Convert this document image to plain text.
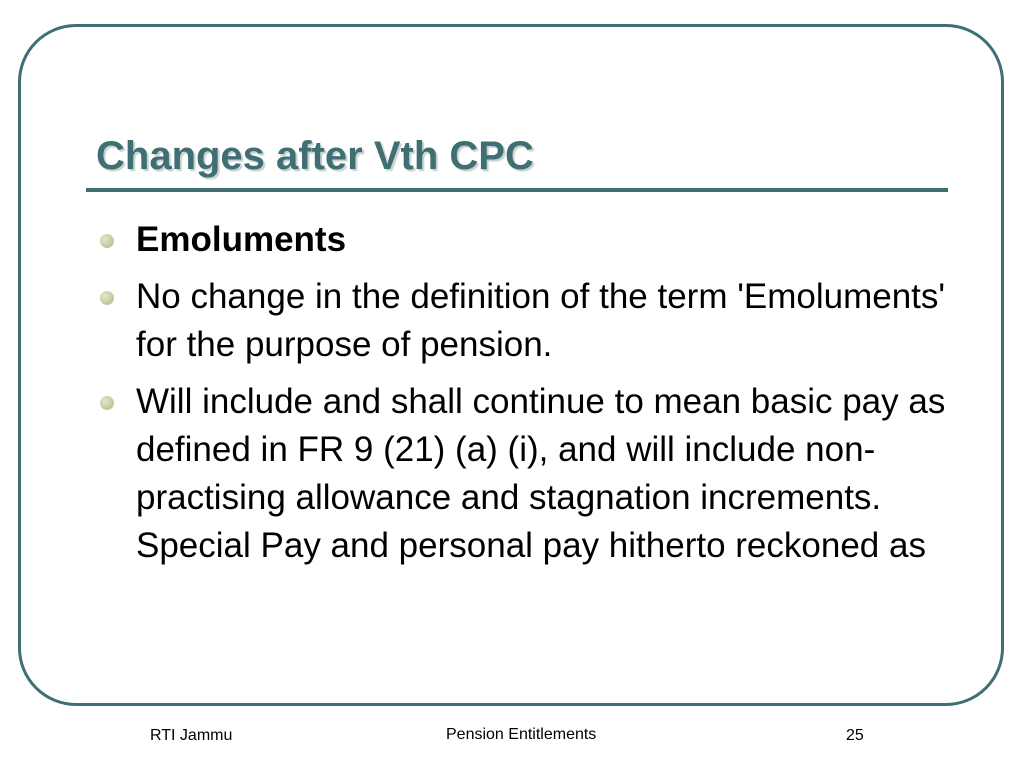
Changes after Vth CPC
Emoluments
No change in the definition of the term 'Emoluments' for the purpose of pension.
Will include and shall continue to mean basic pay as defined in FR 9 (21) (a) (i), and will include non-practising allowance and stagnation increments. Special Pay and personal pay hitherto reckoned as
RTI Jammu	Pension Entitlements	25
